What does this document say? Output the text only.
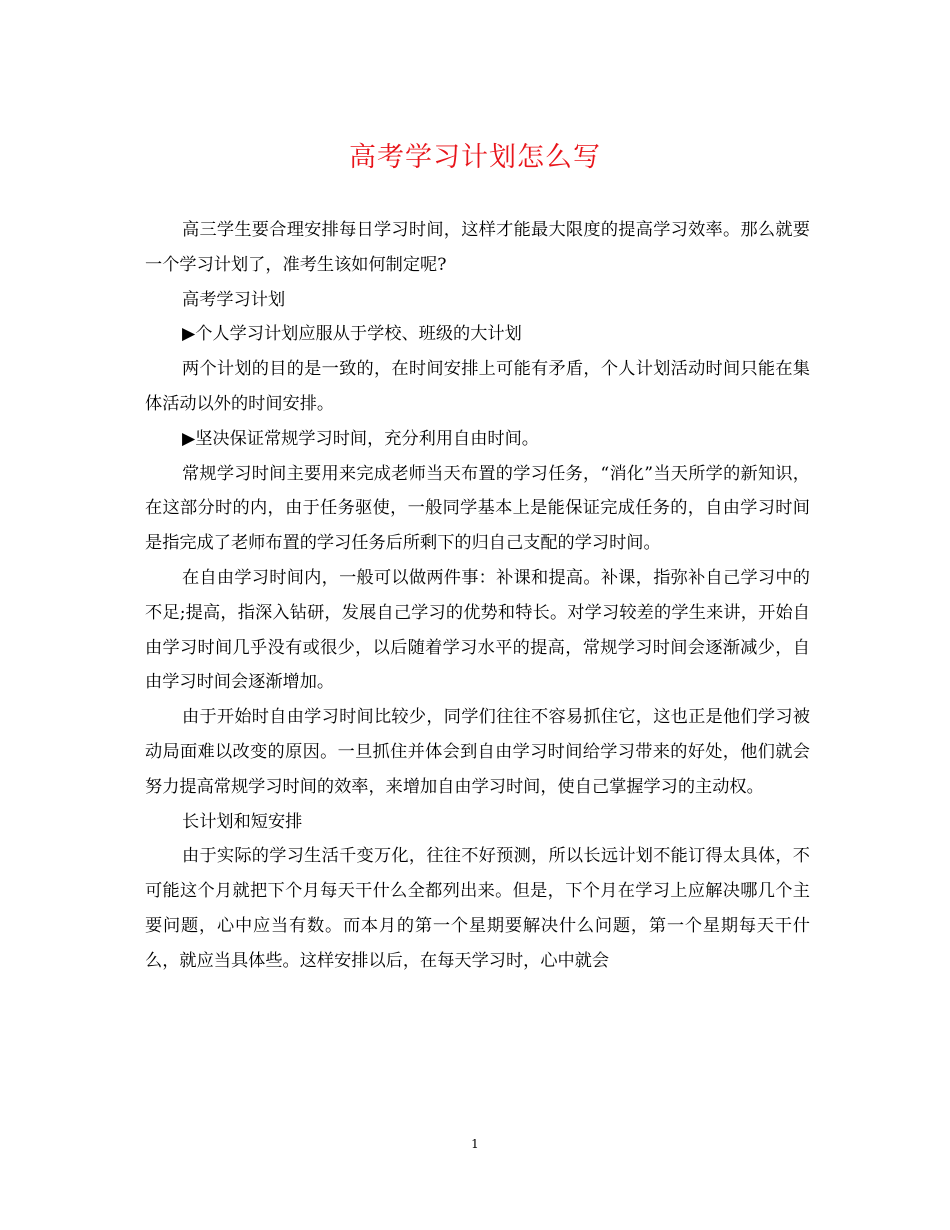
高考学习计划怎么写

高三学生要合理安排每日学习时间，这样才能最大限度的提高学习效率。那么就要一个学习计划了，准考生该如何制定呢?

高考学习计划

▶个人学习计划应服从于学校、班级的大计划

两个计划的目的是一致的，在时间安排上可能有矛盾，个人计划活动时间只能在集体活动以外的时间安排。

▶坚决保证常规学习时间，充分利用自由时间。

常规学习时间主要用来完成老师当天布置的学习任务，“消化”当天所学的新知识，在这部分时的内，由于任务驱使，一般同学基本上是能保证完成任务的，自由学习时间是指完成了老师布置的学习任务后所剩下的归自己支配的学习时间。

在自由学习时间内，一般可以做两件事：补课和提高。补课，指弥补自己学习中的不足;提高，指深入钻研，发展自己学习的优势和特长。对学习较差的学生来讲，开始自由学习时间几乎没有或很少，以后随着学习水平的提高，常规学习时间会逐渐减少，自由学习时间会逐渐增加。

由于开始时自由学习时间比较少，同学们往往不容易抓住它，这也正是他们学习被动局面难以改变的原因。一旦抓住并体会到自由学习时间给学习带来的好处，他们就会努力提高常规学习时间的效率，来增加自由学习时间，使自己掌握学习的主动权。

长计划和短安排

由于实际的学习生活千变万化，往往不好预测，所以长远计划不能订得太具体，不可能这个月就把下个月每天干什么全都列出来。但是，下个月在学习上应解决哪几个主要问题，心中应当有数。而本月的第一个星期要解决什么问题，第一个星期每天干什么，就应当具体些。这样安排以后，在每天学习时，心中就会

1
